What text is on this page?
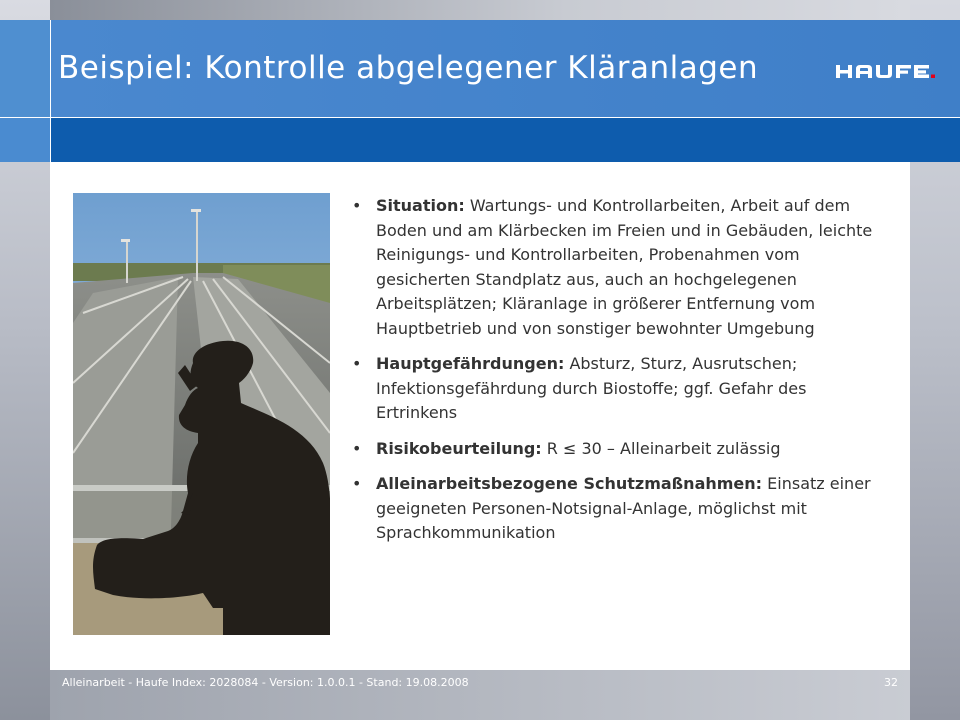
Beispiel: Kontrolle abgelegener Kläranlagen
• Situation: Wartungs- und Kontrollarbeiten, Arbeit auf dem Boden und am Klärbecken im Freien und in Gebäuden, leichte Reinigungs- und Kontrollarbeiten, Probenahmen vom gesicherten Standplatz aus, auch an hochgelegenen Arbeitsplätzen; Kläranlage in größerer Entfernung vom Hauptbetrieb und von sonstiger bewohnter Umgebung
• Hauptgefährdungen: Absturz, Sturz, Ausrutschen; Infektionsgefährdung durch Biostoffe; ggf. Gefahr des Ertrinkens
• Risikobeurteilung: R ≤ 30 – Alleinarbeit zulässig
• Alleinarbeitsbezogene Schutzmaßnahmen: Einsatz einer geeigneten Personen-Notsignal-Anlage, möglichst mit Sprachkommunikation
Alleinarbeit - Haufe Index: 2028084 - Version: 1.0.0.1 - Stand: 19.08.2008	32
